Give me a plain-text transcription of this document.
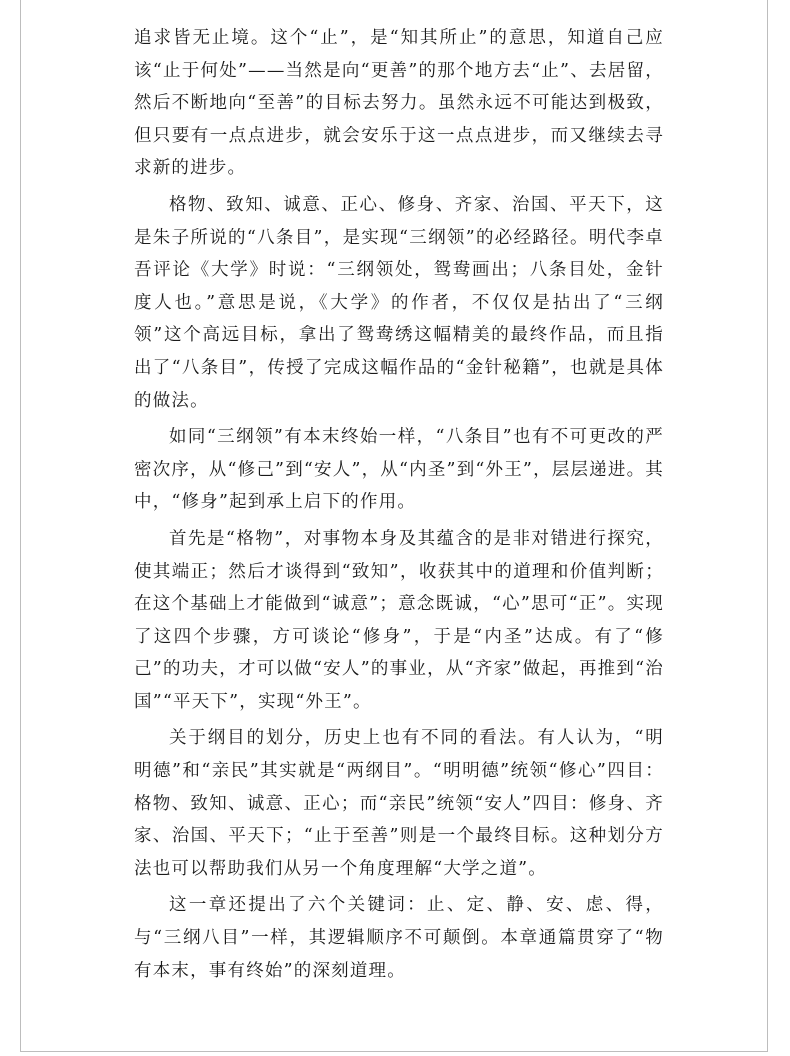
追求皆无止境。这个“止”，是“知其所止”的意思，知道自己应该“止于何处”——当然是向“更善”的那个地方去“止”、去居留，然后不断地向“至善”的目标去努力。虽然永远不可能达到极致，但只要有一点点进步，就会安乐于这一点点进步，而又继续去寻求新的进步。

格物、致知、诚意、正心、修身、齐家、治国、平天下，这是朱子所说的“八条目”，是实现“三纲领”的必经路径。明代李卓吾评论《大学》时说：“三纲领处，鸳鸯画出；八条目处，金针度人也。”意思是说，《大学》的作者，不仅仅是拈出了“三纲领”这个高远目标，拿出了鸳鸯绣这幅精美的最终作品，而且指出了“八条目”，传授了完成这幅作品的“金针秘籍”，也就是具体的做法。

如同“三纲领”有本末终始一样，“八条目”也有不可更改的严密次序，从“修己”到“安人”，从“内圣”到“外王”，层层递进。其中，“修身”起到承上启下的作用。

首先是“格物”，对事物本身及其蕴含的是非对错进行探究，使其端正；然后才谈得到“致知”，收获其中的道理和价值判断；在这个基础上才能做到“诚意”；意念既诚，“心”思可“正”。实现了这四个步骤，方可谈论“修身”，于是“内圣”达成。有了“修己”的功夫，才可以做“安人”的事业，从“齐家”做起，再推到“治国”“平天下”，实现“外王”。

关于纲目的划分，历史上也有不同的看法。有人认为，“明明德”和“亲民”其实就是“两纲目”。“明明德”统领“修心”四目：格物、致知、诚意、正心；而“亲民”统领“安人”四目：修身、齐家、治国、平天下；“止于至善”则是一个最终目标。这种划分方法也可以帮助我们从另一个角度理解“大学之道”。

这一章还提出了六个关键词：止、定、静、安、虑、得，与“三纲八目”一样，其逻辑顺序不可颠倒。本章通篇贯穿了“物有本末，事有终始”的深刻道理。
